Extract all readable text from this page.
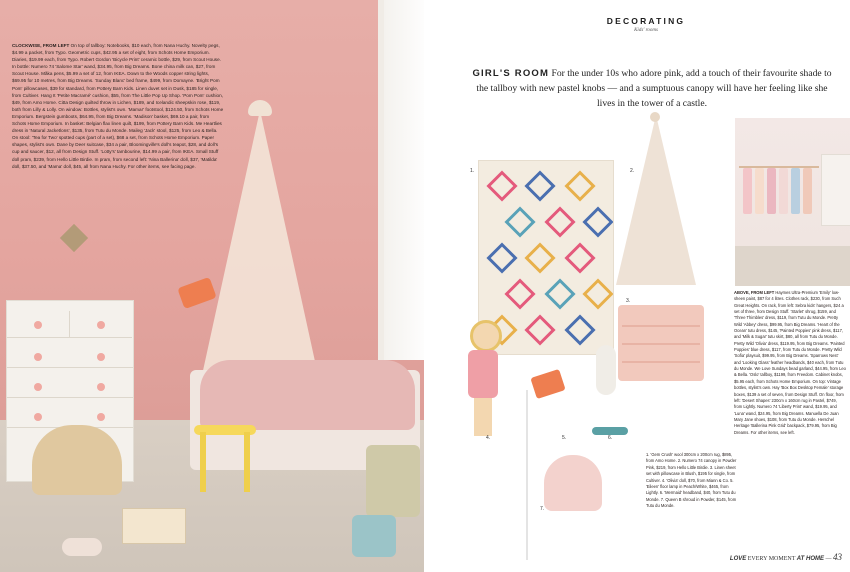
CLOCKWISE, FROM LEFT On top of tallboy: Notebooks, $10 each, from Nana Huchy. Novelty pegs, $4.99 a packet, from Typo. Geometric cups, $42.95 a set of eight, from Schots Home Emporium. Diaries, $19.99 each, from Typo. Robert Gordon 'Bicycle Print' ceramic bottle, $29, from Scout House. In bottle: Numero 74 'Salome Star' wand, $34.95, from Big Dreams. Bone china milk can, $27, from Scout House. Mãka pens, $5.99 a set of 12, from IKEA. Down to the Woods copper string lights, $69.95 for 10 metres, from Big Dreams. 'Sunday Blanc' bed frame, $499, from Domayne. 'Bright Pom Pom' pillowcases, $39 for standard, from Pottery Barn Kids. Linen duvet set in Dusk, $185 for single, from Cultiver. Hang It 'Petite Macramé' cushion, $55, from The Little Pop Up Shop. 'Pom Pom' cushion, $49, from Amo Home. Citta Design quilted throw in Lichen, $189, and Icelandic sheepskin rose, $119, both from Lilly & Lolly. On window: Bottles, stylist's own. 'Mamar' footstool, $124.50, from Schots Home Emporium. Bergstein gumboots, $64.95, from Big Dreams. 'Madison' basket, $69.10 a pair, from Schots Home Emporium. In basket: Belgian flax linen quilt, $199, from Pottery Barn Kids. Me Heartlies dress in 'Natural Jacketlons', $135, from Tutu du Monde. Maileg 'Jack' stool, $125, from Leo & Bella. On stool: 'Tea for Two' spotted cups (part of a set), $68 a set, from Schots Home Emporium. Paper shapes, stylist's own. Dane by Deer suitcase, $34 a pair, Bloomingville's doll's teapot, $28, and doll's cup and saucer, $12, all from Design Stuff. 'Lotty's' tambourine, $14.99 a pair, from IKEA. Small Stuff doll pram, $239, from Hello Little Birdie. In pram, from second left: 'Nina Ballerina' doll, $37, 'Matilda' doll, $37.50, and 'Mama' doll, $45, all from Nana Huchy. For other items, see facing page.
DECORATING
Kids' rooms
GIRL'S ROOM For the under 10s who adore pink, add a touch of their favourite shade to the tallboy with new pastel knobs — and a sumptuous canopy will have her feeling like she lives in the tower of a castle.
1.	2.
3.
4.	5.	6.
7.
1. 'Gem Crush' wool 300cm x 200cm rug, $895, from Amo Home. 2. Numero 74 canopy in Powder Pink, $219, from Hello Little Birdie. 3. Linen sheet set with pillowcase in Blush, $195 for single, from Cultiver. 4. 'Olivia' doll, $70, from Miann & Co. 5. 'Eileen' floor lamp in Peach/White, $465, from Lightly. 6. 'Mermaid' headband, $40, from Tutu du Monde. 7. Queen B shroud in Powder, $145, from Tutu du Monde.
ABOVE, FROM LEFT Haymes Ultra-Premium 'Emily' low-sheen paint, $87 for 4 litres. Clothes rack, $230, from Such Great Heights. On rack, from left: Sebra kids' hangers, $24 a set of three, from Design Stuff. 'Starlet' shrug, $159, and 'Three Thimbles' dress, $119, from Tutu du Monde. Pretty Wild 'Abbey' dress, $99.95, from Big Dreams. 'Heart of the Ocean' tutu dress, $145, 'Painted Poppies' pink dress, $117, and 'Milk & Sugar' tutu skirt, $80, all from Tutu du Monde. Pretty Wild 'Olivia' dress, $119.95, from Big Dreams. 'Painted Poppies' blue dress, $117, from Tutu du Monde. Pretty Wild 'Sofia' playsuit, $99.95, from Big Dreams. 'Sparrows Nest' and 'Looking Glass' feather headbands, $40 each, from Tutu du Monde. We Love Sundays bead garland, $44.95, from Leo & Bella. 'Oslo' tallboy, $1199, from Freedom. Cabinet knobs, $5.95 each, from Schots Home Emporium. On top: Vintage bottles, stylist's own. Hay 'Box Box Desktop Female' storage boxes, $139 a set of seven, from Design Stuff. On floor, from left: 'Desert Shapes' 230cm x 160cm rug in Pastel, $749, from Lightly. Numero 74 'Liberty Print' wand, $19.95, and 'Luna' wand, $24.95, from Big Dreams. Manuella De Juan Mary Jane shoes, $108, from Tutu du Monde. Herschel Heritage 'Ballerina Pink Grid' backpack, $79.95, from Big Dreams. For other items, see left.
LOVE EVERY MOMENT AT HOME — 43
